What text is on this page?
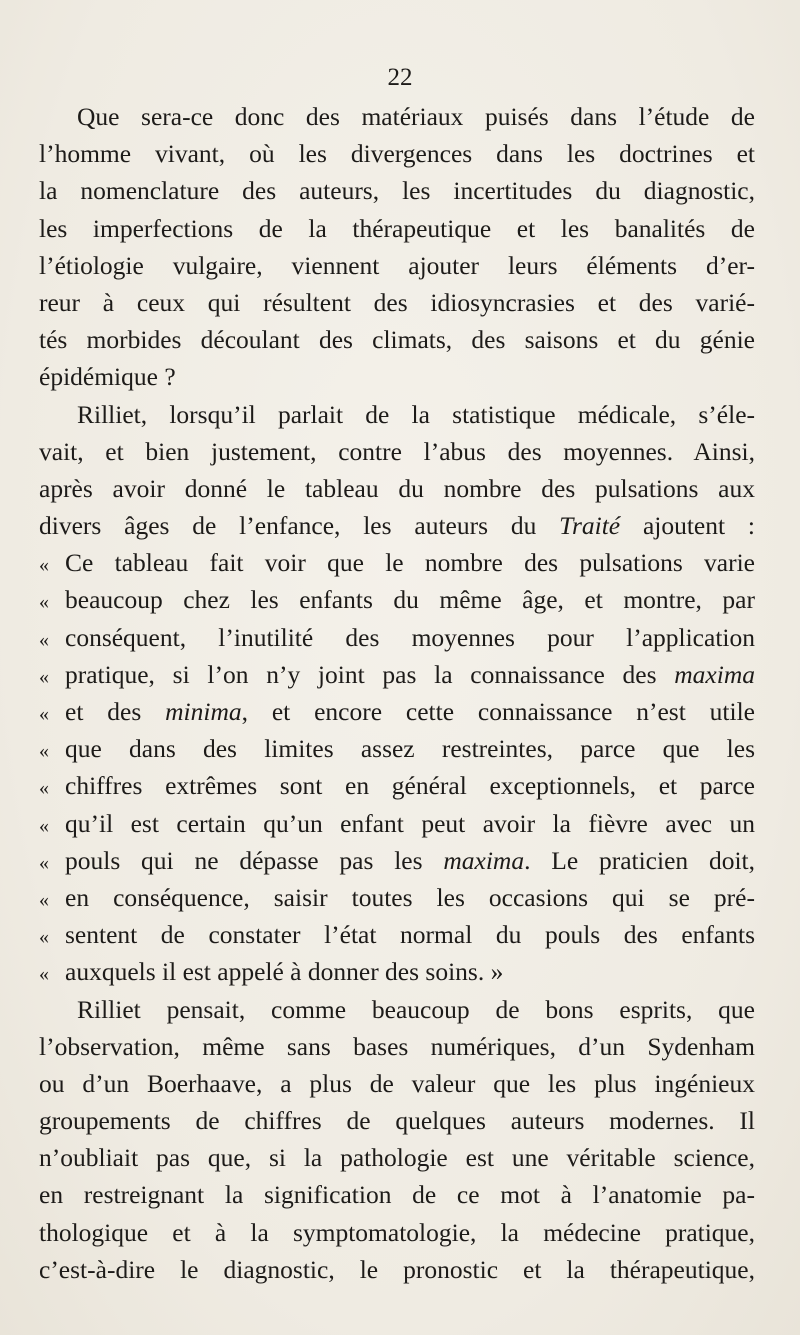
22
Que sera-ce donc des matériaux puisés dans l’étude de
l’homme vivant, où les divergences dans les doctrines et
la nomenclature des auteurs, les incertitudes du diagnostic,
les imperfections de la thérapeutique et les banalités de
l’étiologie vulgaire, viennent ajouter leurs éléments d’er-
reur à ceux qui résultent des idiosyncrasies et des varié-
tés morbides découlant des climats, des saisons et du génie
épidémique ?
Rilliet, lorsqu’il parlait de la statistique médicale, s’éle-
vait, et bien justement, contre l’abus des moyennes. Ainsi,
après avoir donné le tableau du nombre des pulsations aux
divers âges de l’enfance, les auteurs du Traité ajoutent :
« Ce tableau fait voir que le nombre des pulsations varie
« beaucoup chez les enfants du même âge, et montre, par
« conséquent, l’inutilité des moyennes pour l’application
« pratique, si l’on n’y joint pas la connaissance des maxima
« et des minima, et encore cette connaissance n’est utile
« que dans des limites assez restreintes, parce que les
« chiffres extrêmes sont en général exceptionnels, et parce
« qu’il est certain qu’un enfant peut avoir la fièvre avec un
« pouls qui ne dépasse pas les maxima. Le praticien doit,
« en conséquence, saisir toutes les occasions qui se pré-
« sentent de constater l’état normal du pouls des enfants
« auxquels il est appelé à donner des soins. »
Rilliet pensait, comme beaucoup de bons esprits, que
l’observation, même sans bases numériques, d’un Sydenham
ou d’un Boerhaave, a plus de valeur que les plus ingénieux
groupements de chiffres de quelques auteurs modernes. Il
n’oubliait pas que, si la pathologie est une véritable science,
en restreignant la signification de ce mot à l’anatomie pa-
thologique et à la symptomatologie, la médecine pratique,
c’est-à-dire le diagnostic, le pronostic et la thérapeutique,
